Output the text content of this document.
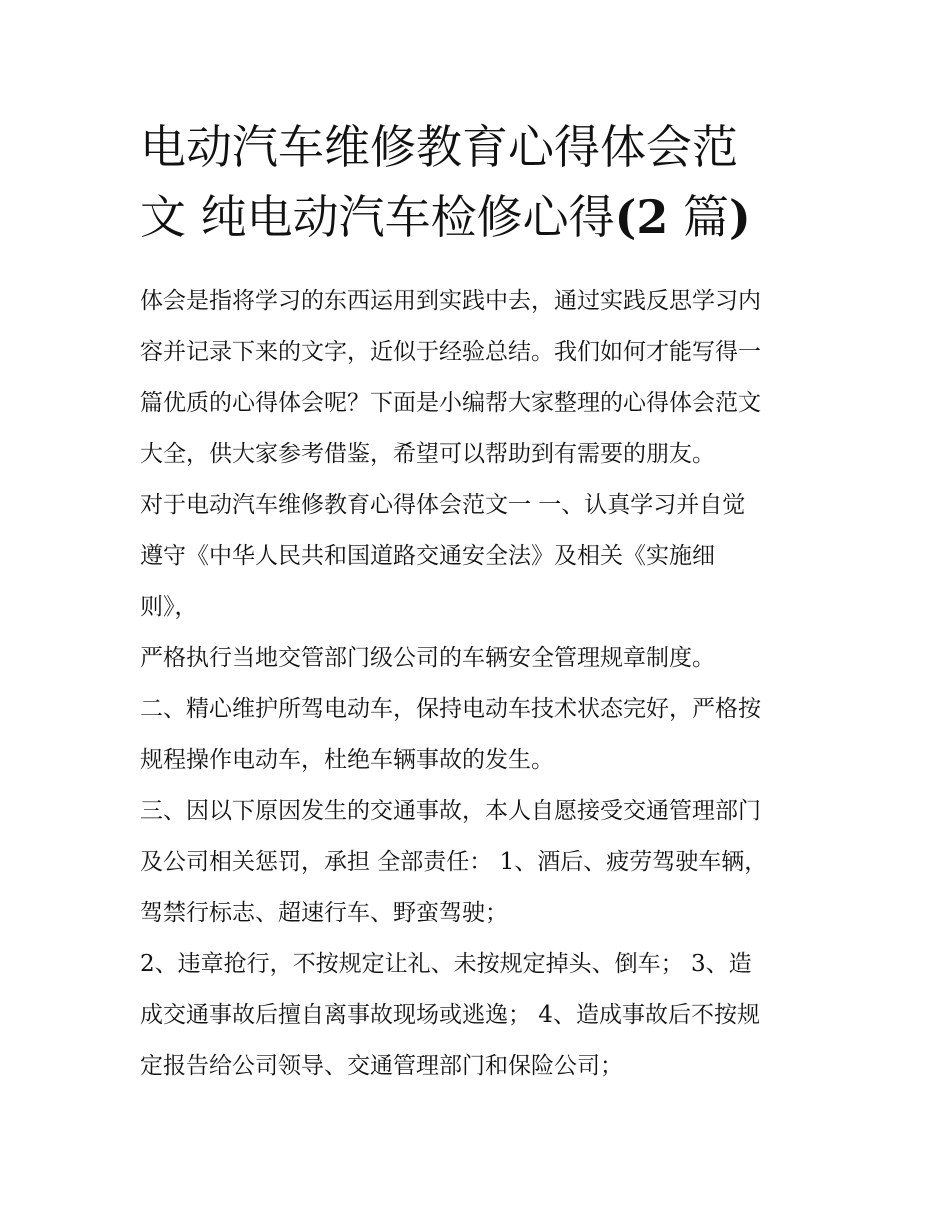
电动汽车维修教育心得体会范
文 纯电动汽车检修心得(2 篇)
体会是指将学习的东西运用到实践中去，通过实践反思学习内
容并记录下来的文字，近似于经验总结。我们如何才能写得一
篇优质的心得体会呢？下面是小编帮大家整理的心得体会范文
大全，供大家参考借鉴，希望可以帮助到有需要的朋友。
对于电动汽车维修教育心得体会范文一 一、认真学习并自觉
遵守《中华人民共和国道路交通安全法》及相关《实施细
则》，
严格执行当地交管部门级公司的车辆安全管理规章制度。
二、精心维护所驾电动车，保持电动车技术状态完好，严格按
规程操作电动车，杜绝车辆事故的发生。
三、因以下原因发生的交通事故，本人自愿接受交通管理部门
及公司相关惩罚，承担 全部责任： 1、酒后、疲劳驾驶车辆，
驾禁行标志、超速行车、野蛮驾驶；
2、违章抢行，不按规定让礼、未按规定掉头、倒车； 3、造
成交通事故后擅自离事故现场或逃逸； 4、造成事故后不按规
定报告给公司领导、交通管理部门和保险公司；
